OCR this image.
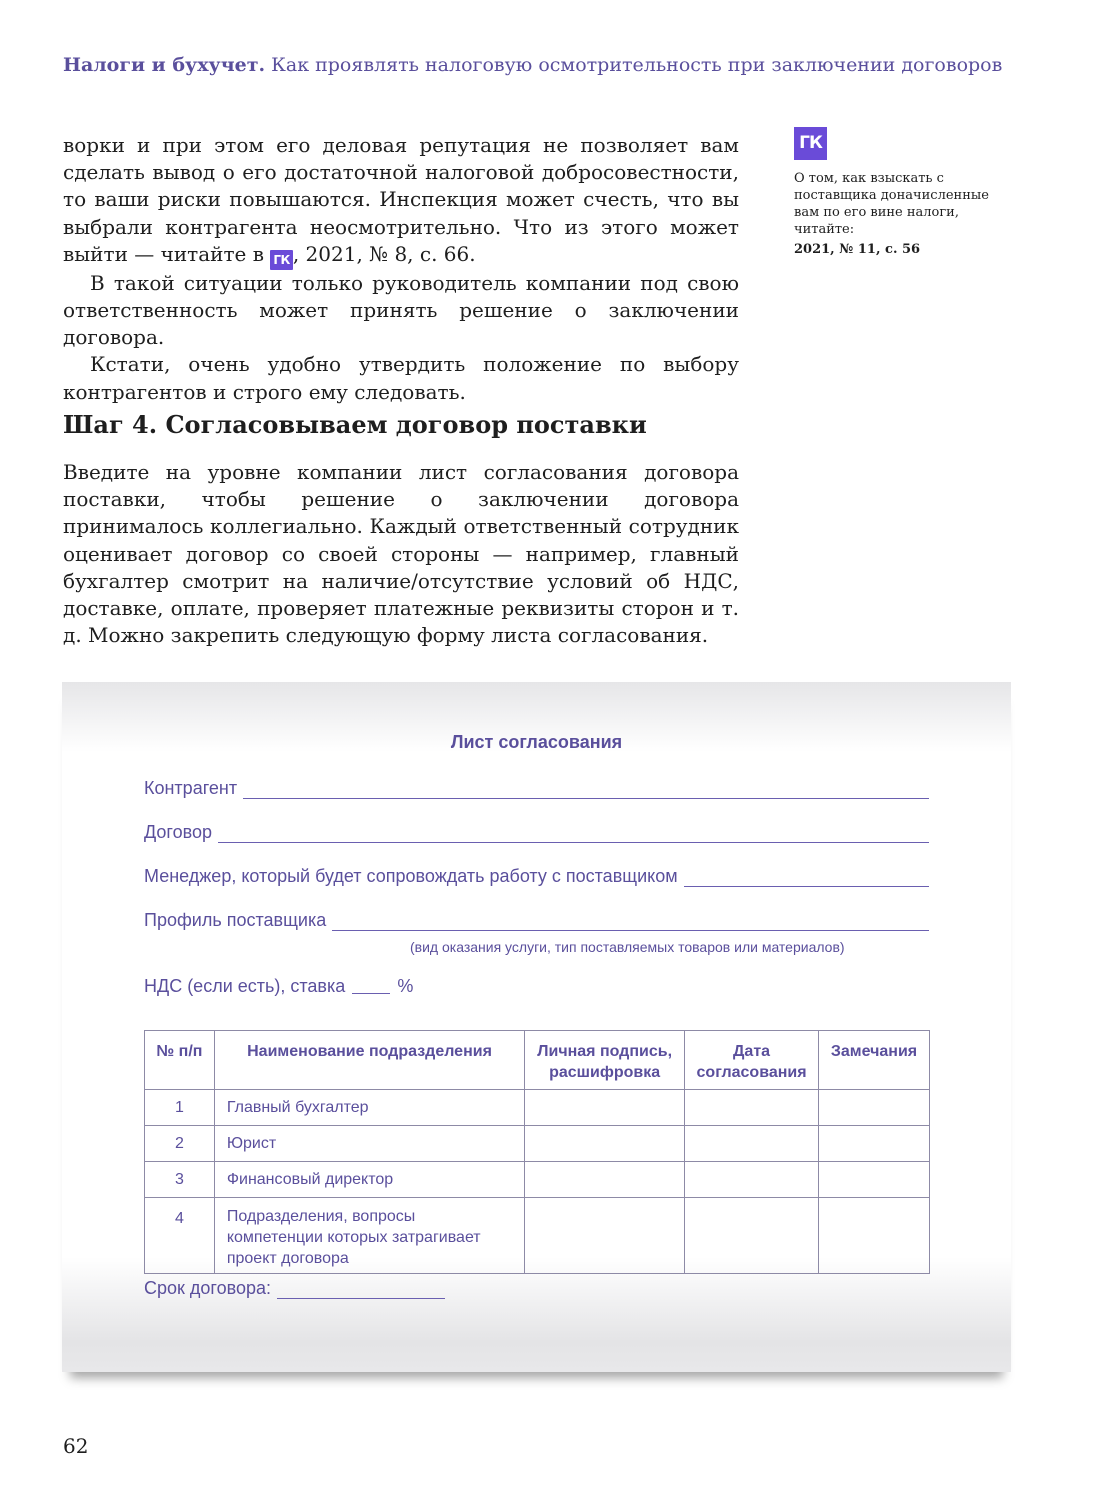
Налоги и бухучет. Как проявлять налоговую осмотрительность при заключении договоров

ворки и при этом его деловая репутация не позволяет вам сделать вывод о его достаточной налоговой добросовестности, то ваши риски повышаются. Инспекция может счесть, что вы выбрали контрагента неосмотрительно. Что из этого может выйти — читайте в ГК , 2021, № 8, с. 66.

В такой ситуации только руководитель компании под свою ответственность может принять решение о заключении договора.

Кстати, очень удобно утвердить положение по выбору контрагентов и строго ему следовать.

ГК
О том, как взыскать с поставщика доначисленные вам по его вине налоги, читайте:
2021, № 11, с. 56
Шаг 4. Согласовываем договор поставки

Введите на уровне компании лист согласования договора поставки, чтобы решение о заключении договора принималось коллегиально. Каждый ответственный сотрудник оценивает договор со своей стороны — например, главный бухгалтер смотрит на наличие/отсутствие условий об НДС, доставке, оплате, проверяет платежные реквизиты сторон и т. д. Можно закрепить следующую форму листа согласования.

Лист согласования
Контрагент
Договор
Менеджер, который будет сопровождать работу с поставщиком
Профиль поставщика
(вид оказания услуги, тип поставляемых товаров или материалов)
НДС (если есть), ставка	%
№ п/п	Наименование подразделения	Личная подпись, расшифровка	Дата согласования	Замечания
1	Главный бухгалтер			
2	Юрист			
3	Финансовый директор			
4	Подразделения, вопросы компетенции которых затрагивает проект договора			
Срок договора:
62
